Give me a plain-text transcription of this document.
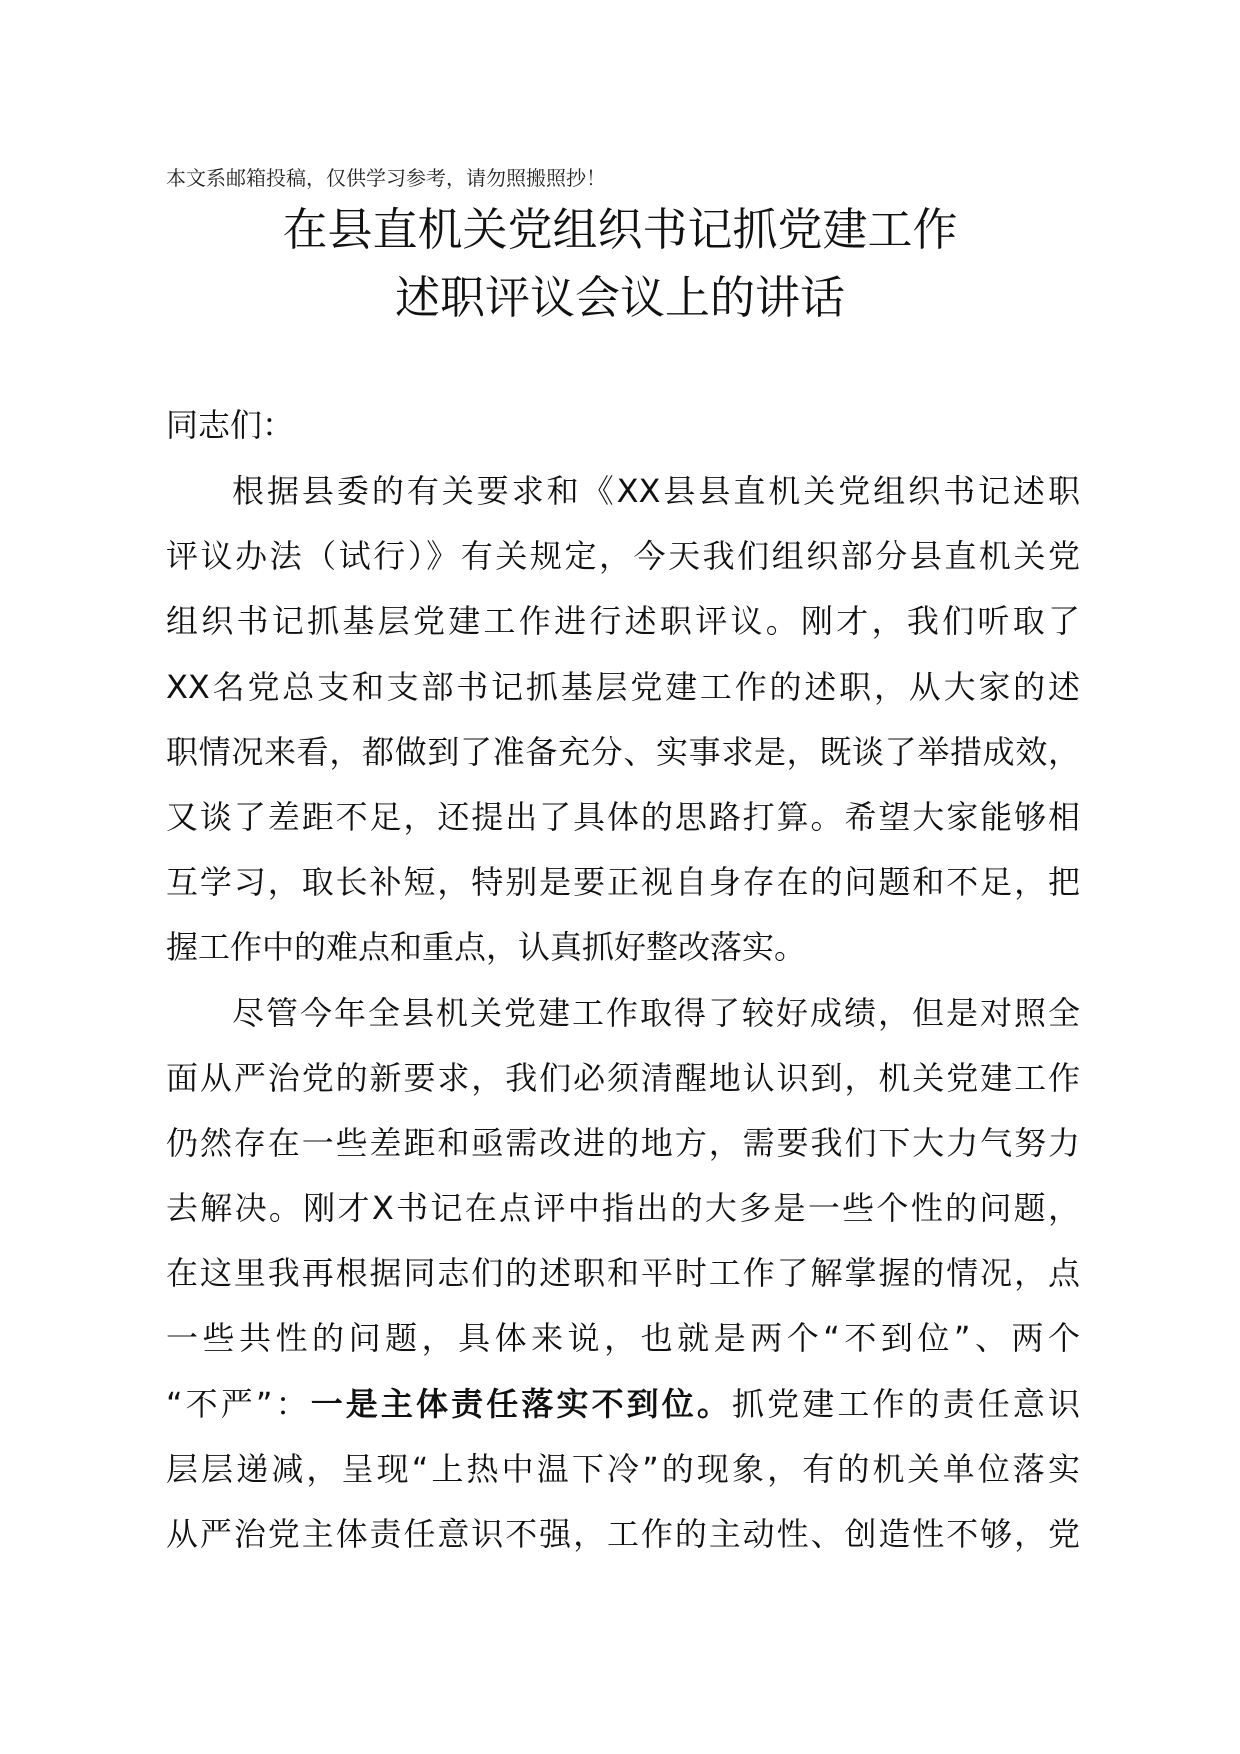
本文系邮箱投稿，仅供学习参考，请勿照搬照抄！
在县直机关党组织书记抓党建工作
述职评议会议上的讲话
同志们：
根据县委的有关要求和《XX县县直机关党组织书记述职
评议办法（试行）》有关规定，今天我们组织部分县直机关党
组织书记抓基层党建工作进行述职评议。刚才，我们听取了
XX名党总支和支部书记抓基层党建工作的述职，从大家的述
职情况来看，都做到了准备充分、实事求是，既谈了举措成效，
又谈了差距不足，还提出了具体的思路打算。希望大家能够相
互学习，取长补短，特别是要正视自身存在的问题和不足，把
握工作中的难点和重点，认真抓好整改落实。
尽管今年全县机关党建工作取得了较好成绩，但是对照全
面从严治党的新要求，我们必须清醒地认识到，机关党建工作
仍然存在一些差距和亟需改进的地方，需要我们下大力气努力
去解决。刚才X书记在点评中指出的大多是一些个性的问题，
在这里我再根据同志们的述职和平时工作了解掌握的情况，点
一些共性的问题，具体来说，也就是两个“不到位”、两个
“不严”：一是主体责任落实不到位。抓党建工作的责任意识
层层递减，呈现“上热中温下冷”的现象，有的机关单位落实
从严治党主体责任意识不强，工作的主动性、创造性不够，党
